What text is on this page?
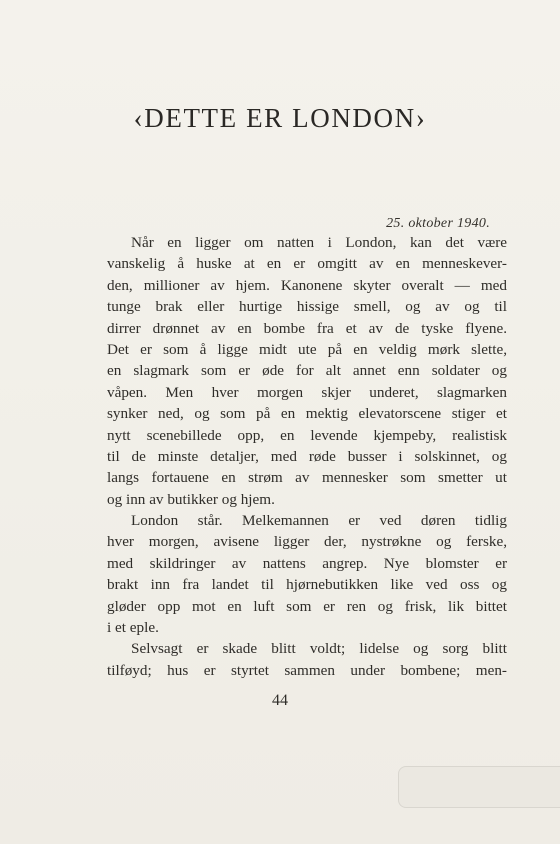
‹DETTE ER LONDON›
25. oktober 1940.
Når en ligger om natten i London, kan det være
vanskelig å huske at en er omgitt av en menneskever-
den, millioner av hjem. Kanonene skyter overalt — med
tunge brak eller hurtige hissige smell, og av og til
dirrer drønnet av en bombe fra et av de tyske flyene.
Det er som å ligge midt ute på en veldig mørk slette,
en slagmark som er øde for alt annet enn soldater og
våpen. Men hver morgen skjer underet, slagmarken
synker ned, og som på en mektig elevatorscene stiger et
nytt scenebillede opp, en levende kjempeby, realistisk
til de minste detaljer, med røde busser i solskinnet, og
langs fortauene en strøm av mennesker som smetter ut
og inn av butikker og hjem.
London står. Melkemannen er ved døren tidlig
hver morgen, avisene ligger der, nystrøkne og ferske,
med skildringer av nattens angrep. Nye blomster er
brakt inn fra landet til hjørnebutikken like ved oss og
gløder opp mot en luft som er ren og frisk, lik bittet
i et eple.
Selvsagt er skade blitt voldt; lidelse og sorg blitt
tilføyd; hus er styrtet sammen under bombene; men-
44
